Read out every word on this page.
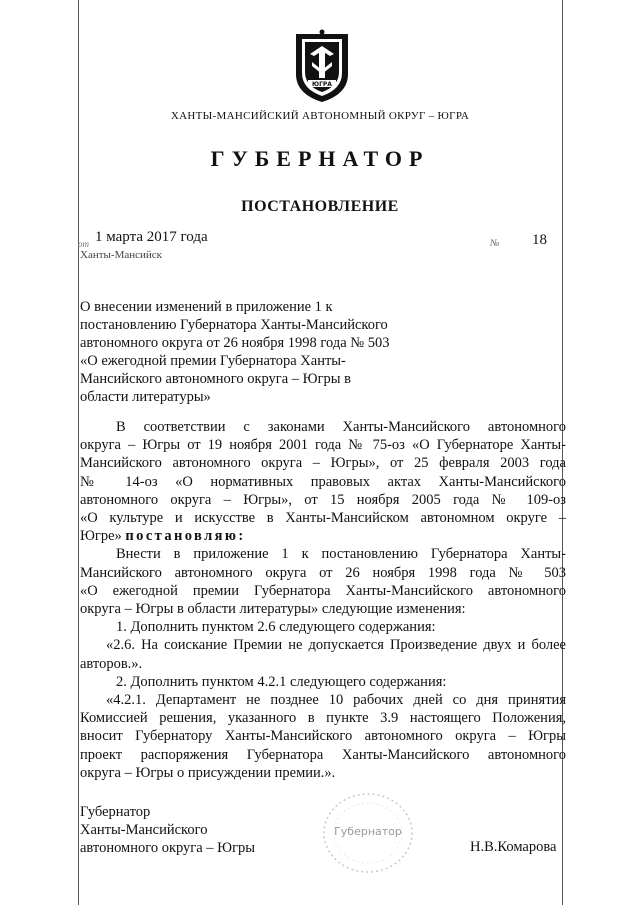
ЮГРА
ХАНТЫ-МАНСИЙСКИЙ АВТОНОМНЫЙ ОКРУГ – ЮГРА
ГУБЕРНАТОР
ПОСТАНОВЛЕНИЕ
от 1 марта 2017 года	№ 18
Ханты-Мансийск
О внесении изменений в приложение 1 к
постановлению Губернатора Ханты-Мансийского
автономного округа от 26 ноября 1998 года № 503
«О ежегодной премии Губернатора Ханты-
Мансийского автономного округа – Югры в
области литературы»

В соответствии с законами Ханты-Мансийского автономного

округа – Югры от 19 ноября 2001 года № 75-оз «О Губернаторе Ханты-

Мансийского автономного округа – Югры», от 25 февраля 2003 года

№ 14-оз «О нормативных правовых актах Ханты-Мансийского

автономного округа – Югры», от 15 ноября 2005 года № 109-оз

«О культуре и искусстве в Ханты-Мансийском автономном округе –

Югре» постановляю:

Внести в приложение 1 к постановлению Губернатора Ханты-

Мансийского автономного округа от 26 ноября 1998 года № 503

«О ежегодной премии Губернатора Ханты-Мансийского автономного

округа – Югры в области литературы» следующие изменения:

1. Дополнить пунктом 2.6 следующего содержания:

«2.6. На соискание Премии не допускается Произведение двух и более

авторов.».

2. Дополнить пунктом 4.2.1 следующего содержания:

«4.2.1. Департамент не позднее 10 рабочих дней со дня принятия

Комиссией решения, указанного в пункте 3.9 настоящего Положения,

вносит Губернатору Ханты-Мансийского автономного округа – Югры

проект распоряжения Губернатора Ханты-Мансийского автономного

округа – Югры о присуждении премии.».

Губернатор
Ханты-Мансийского
автономного округа – Югры
Губернатор
Н.В.Комарова
